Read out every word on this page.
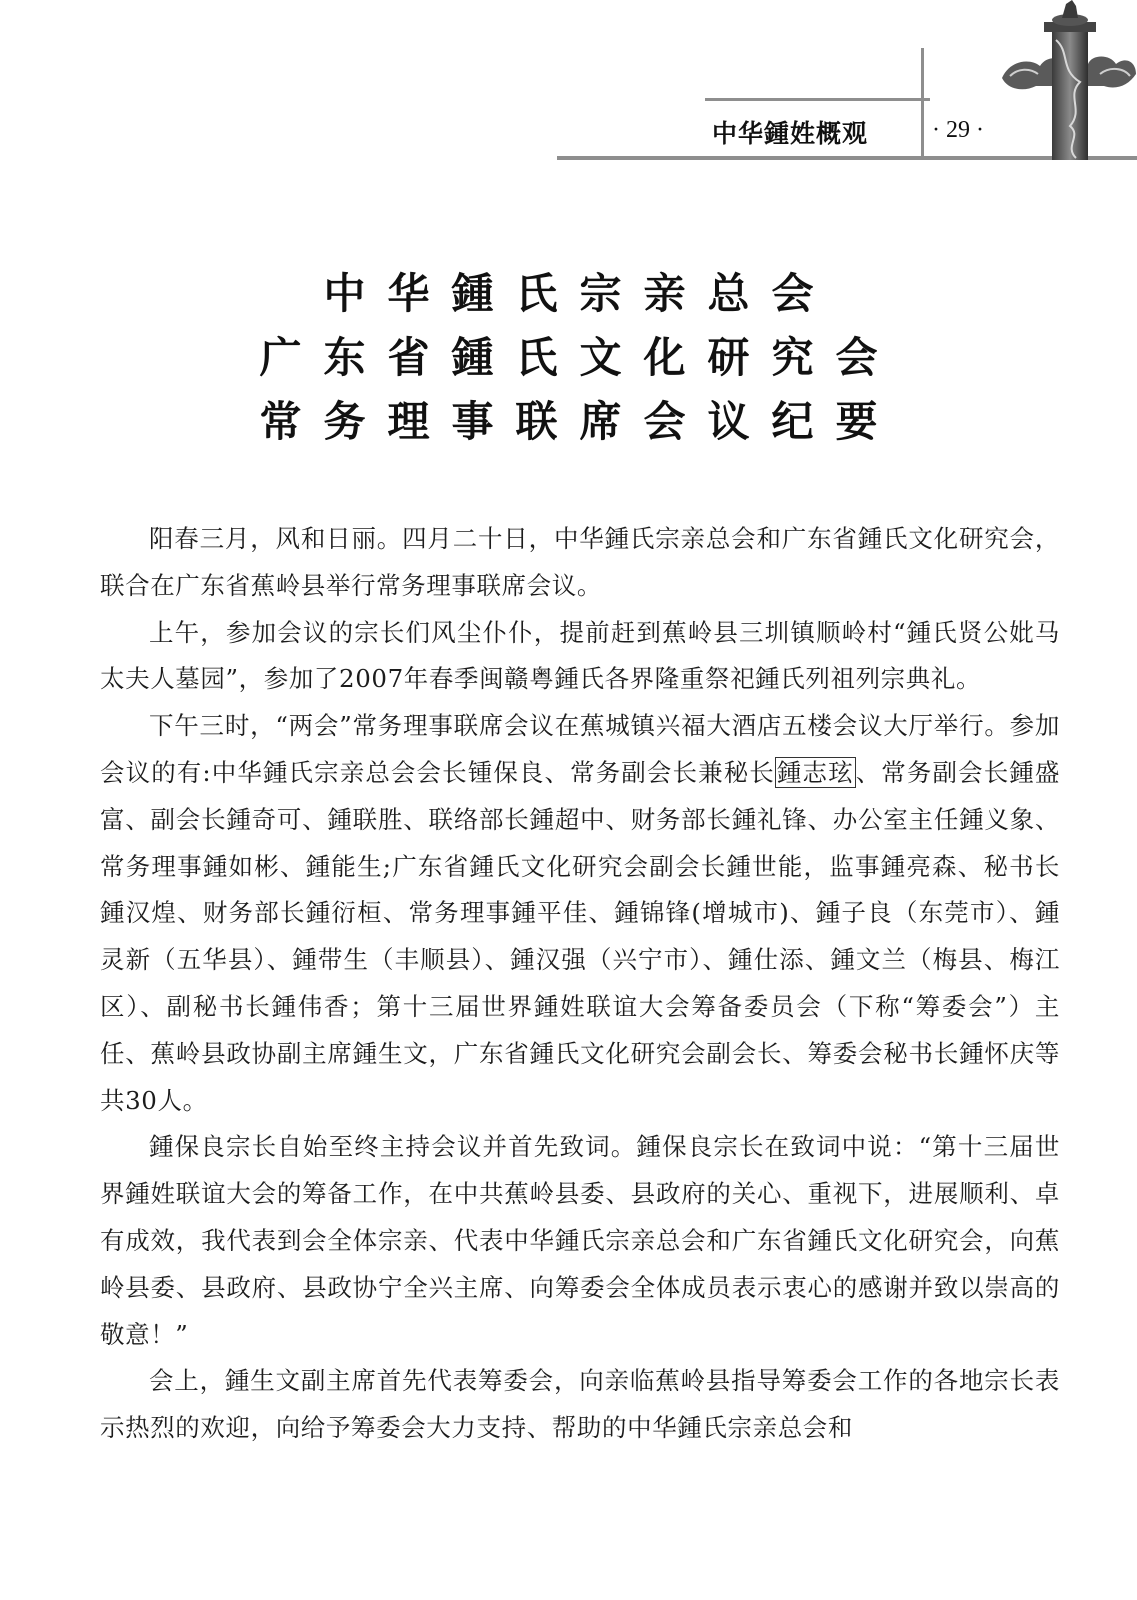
中华鍾姓概观	· 29 ·
中华鍾氏宗亲总会
广东省鍾氏文化研究会
常务理事联席会议纪要

阳春三月，风和日丽。四月二十日，中华鍾氏宗亲总会和广东省鍾氏文化研究会，联合在广东省蕉岭县举行常务理事联席会议。

上午，参加会议的宗长们风尘仆仆，提前赶到蕉岭县三圳镇顺岭村“鍾氏贤公妣马太夫人墓园”，参加了2007年春季闽赣粤鍾氏各界隆重祭祀鍾氏列祖列宗典礼。

下午三时，“两会”常务理事联席会议在蕉城镇兴福大酒店五楼会议大厅举行。参加会议的有:中华鍾氏宗亲总会会长锺保良、常务副会长兼秘长鍾志玹、常务副会长鍾盛富、副会长鍾奇可、鍾联胜、联络部长鍾超中、财务部长鍾礼锋、办公室主任鍾义象、常务理事鍾如彬、鍾能生;广东省鍾氏文化研究会副会长鍾世能，监事鍾亮森、秘书长鍾汉煌、财务部长鍾衍桓、常务理事鍾平佳、鍾锦锋(增城市)、鍾子良（东莞市）、鍾灵新（五华县）、鍾带生（丰顺县）、鍾汉强（兴宁市）、鍾仕添、鍾文兰（梅县、梅江区）、副秘书长鍾伟香；第十三届世界鍾姓联谊大会筹备委员会（下称“筹委会”）主任、蕉岭县政协副主席鍾生文，广东省鍾氏文化研究会副会长、筹委会秘书长鍾怀庆等共30人。

鍾保良宗长自始至终主持会议并首先致词。鍾保良宗长在致词中说：“第十三届世界鍾姓联谊大会的筹备工作，在中共蕉岭县委、县政府的关心、重视下，进展顺利、卓有成效，我代表到会全体宗亲、代表中华鍾氏宗亲总会和广东省鍾氏文化研究会，向蕉岭县委、县政府、县政协宁全兴主席、向筹委会全体成员表示衷心的感谢并致以崇高的敬意！”

会上，鍾生文副主席首先代表筹委会，向亲临蕉岭县指导筹委会工作的各地宗长表示热烈的欢迎，向给予筹委会大力支持、帮助的中华鍾氏宗亲总会和
